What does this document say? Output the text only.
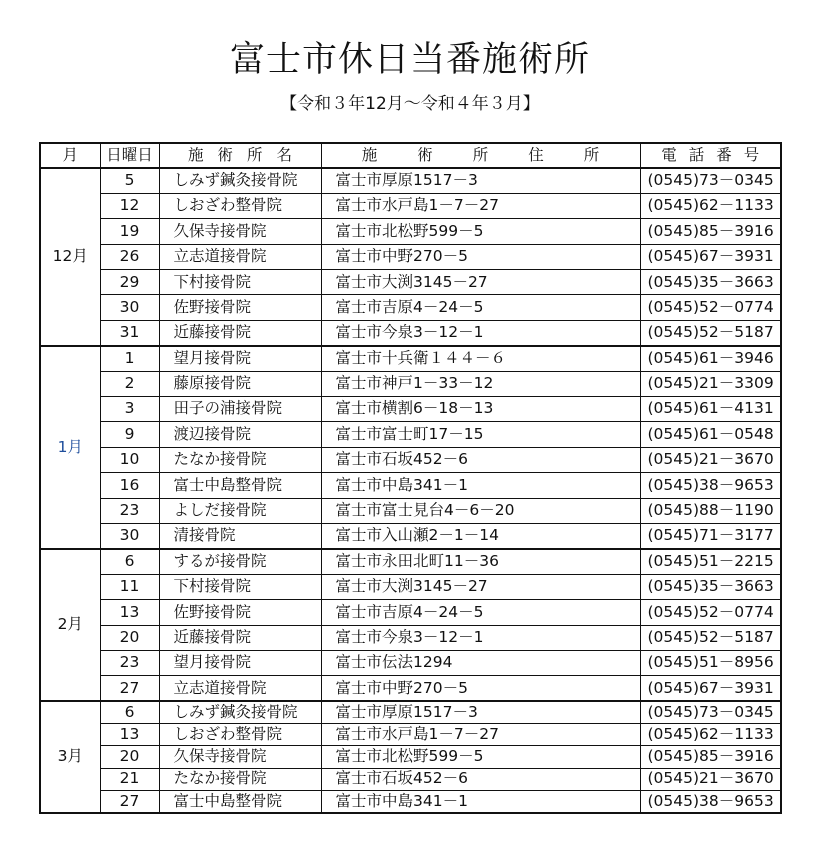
富士市休日当番施術所
【令和３年12月～令和４年３月】
月	日曜日	施術所名	施術所住所	電話番号
12月	5	しみず鍼灸接骨院	富士市厚原1517－3	(0545)73－0345
	12	しおざわ整骨院	富士市水戸島1－7－27	(0545)62－1133
	19	久保寺接骨院	富士市北松野599－5	(0545)85－3916
	26	立志道接骨院	富士市中野270－5	(0545)67－3931
	29	下村接骨院	富士市大渕3145－27	(0545)35－3663
	30	佐野接骨院	富士市吉原4－24－5	(0545)52－0774
	31	近藤接骨院	富士市今泉3－12－1	(0545)52－5187
1月	1	望月接骨院	富士市十兵衛１４４－６	(0545)61－3946
	2	藤原接骨院	富士市神戸1－33－12	(0545)21－3309
	3	田子の浦接骨院	富士市横割6－18－13	(0545)61－4131
	9	渡辺接骨院	富士市富士町17－15	(0545)61－0548
	10	たなか接骨院	富士市石坂452－6	(0545)21－3670
	16	富士中島整骨院	富士市中島341－1	(0545)38－9653
	23	よしだ接骨院	富士市富士見台4－6－20	(0545)88－1190
	30	清接骨院	富士市入山瀬2－1－14	(0545)71－3177
2月	6	するが接骨院	富士市永田北町11－36	(0545)51－2215
	11	下村接骨院	富士市大渕3145－27	(0545)35－3663
	13	佐野接骨院	富士市吉原4－24－5	(0545)52－0774
	20	近藤接骨院	富士市今泉3－12－1	(0545)52－5187
	23	望月接骨院	富士市伝法1294	(0545)51－8956
	27	立志道接骨院	富士市中野270－5	(0545)67－3931
3月	6	しみず鍼灸接骨院	富士市厚原1517－3	(0545)73－0345
	13	しおざわ整骨院	富士市水戸島1－7－27	(0545)62－1133
	20	久保寺接骨院	富士市北松野599－5	(0545)85－3916
	21	たなか接骨院	富士市石坂452－6	(0545)21－3670
	27	富士中島整骨院	富士市中島341－1	(0545)38－9653
